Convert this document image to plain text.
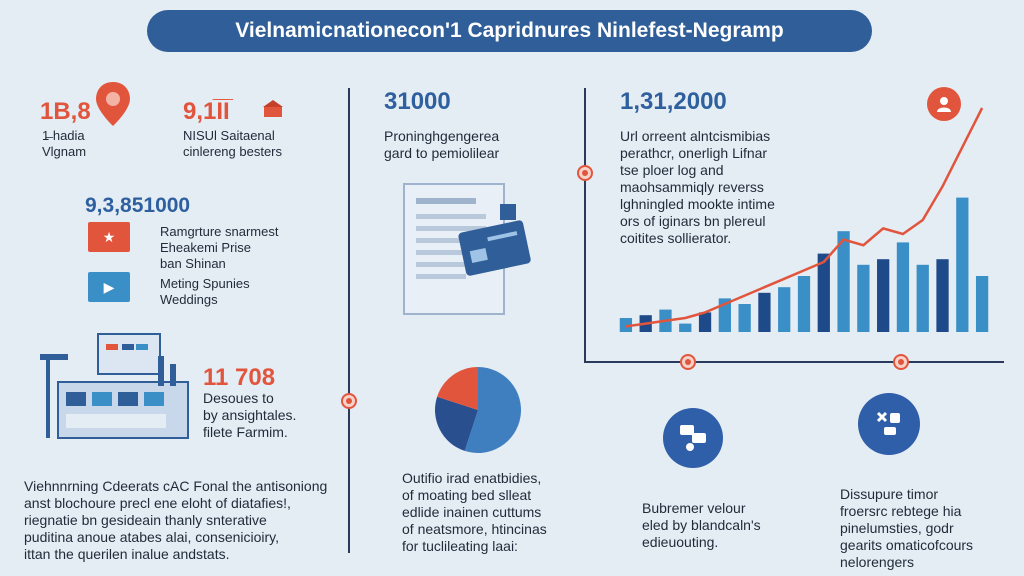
Vielnamicnationecon'1 Capridnures Ninlefest-Negramp
1B,8
1̶ hadia
Vlgnam
9,1I̅I̅
NISUl Saitaenal
cinlereng besters
9,3,851000
★	Ramgrture snarmest
Eheakemi Prise
ban Shinan
▶	Meting Spunies
Weddings
11 708
Desoues to
by ansightales.
filete Farmim.
Viehnnrning Cdeerats cAC Fonal the antisoniong
anst blochoure precl ene eloht of diatafies!,
riegnatie bn gesideain thanly snterative
puditina anoue atabes alai, consenicioiry,
ittan the querilen inalue andstats.
31000
Proninghgengerea
gard to pemiolilear
Outifio irad enatbidies,
of moating bed slleat
edlide inainen cuttums
of neatsmore, htincinas
for tuclileating laai:
1,31,2000
Url orreent alntcismibias
perathcr, onerligh Lifnar
tse ploer log and
maohsammiqly reverss
lghningled mookte intime
ors of iginars bn plereul
coitites sollierator.
Bubremer velour
eled by blandcaln's
edieuouting.
Dissupure timor
froersrc rebtege hia
pinelumsties, godr
gearits omaticofcours
nelorengers
